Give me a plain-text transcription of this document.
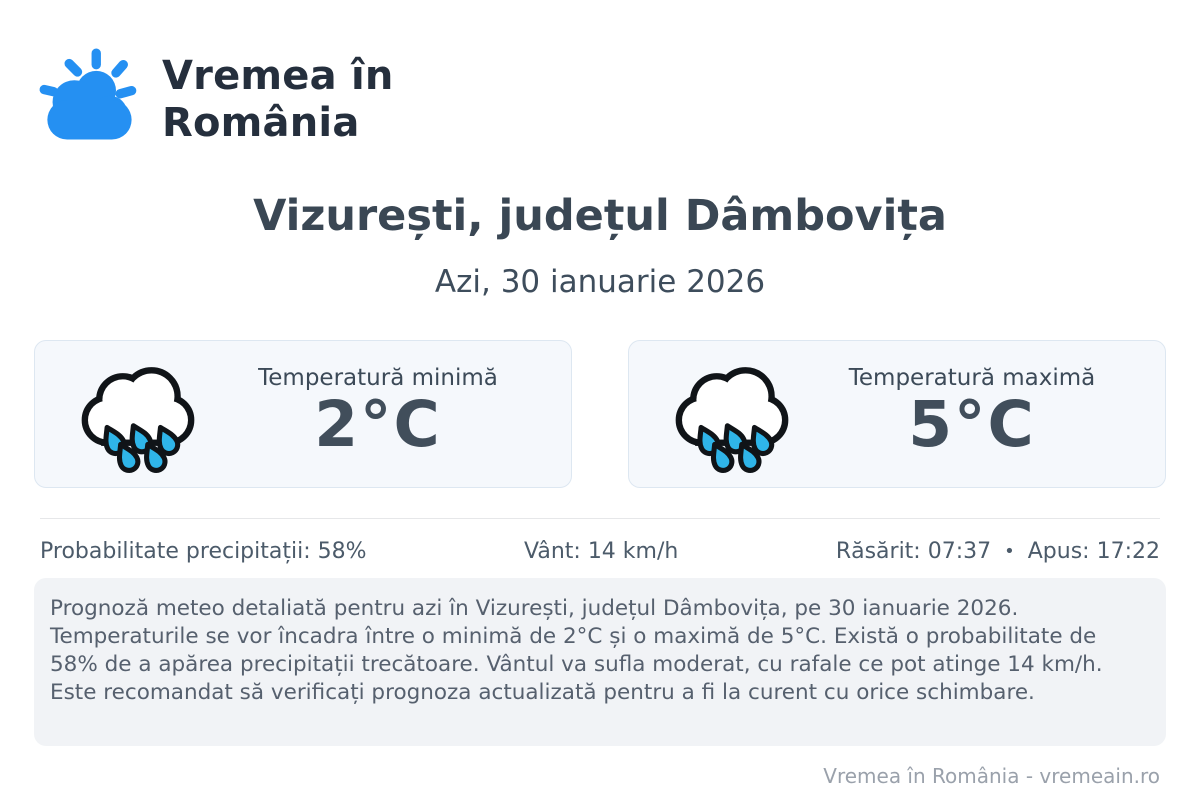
Vremea în
România
Vizurești, județul Dâmbovița
Azi, 30 ianuarie 2026
Temperatură minimă
2°C
Temperatură maximă
5°C
Probabilitate precipitații: 58%	Vânt: 14 km/h	Răsărit: 07:37 • Apus: 17:22
Prognoză meteo detaliată pentru azi în Vizurești, județul Dâmbovița, pe 30 ianuarie 2026. Temperaturile se vor încadra între o minimă de 2°C și o maximă de 5°C. Există o probabilitate de 58% de a apărea precipitații trecătoare. Vântul va sufla moderat, cu rafale ce pot atinge 14 km/h. Este recomandat să verificați prognoza actualizată pentru a fi la curent cu orice schimbare.
Vremea în România - vremeain.ro
